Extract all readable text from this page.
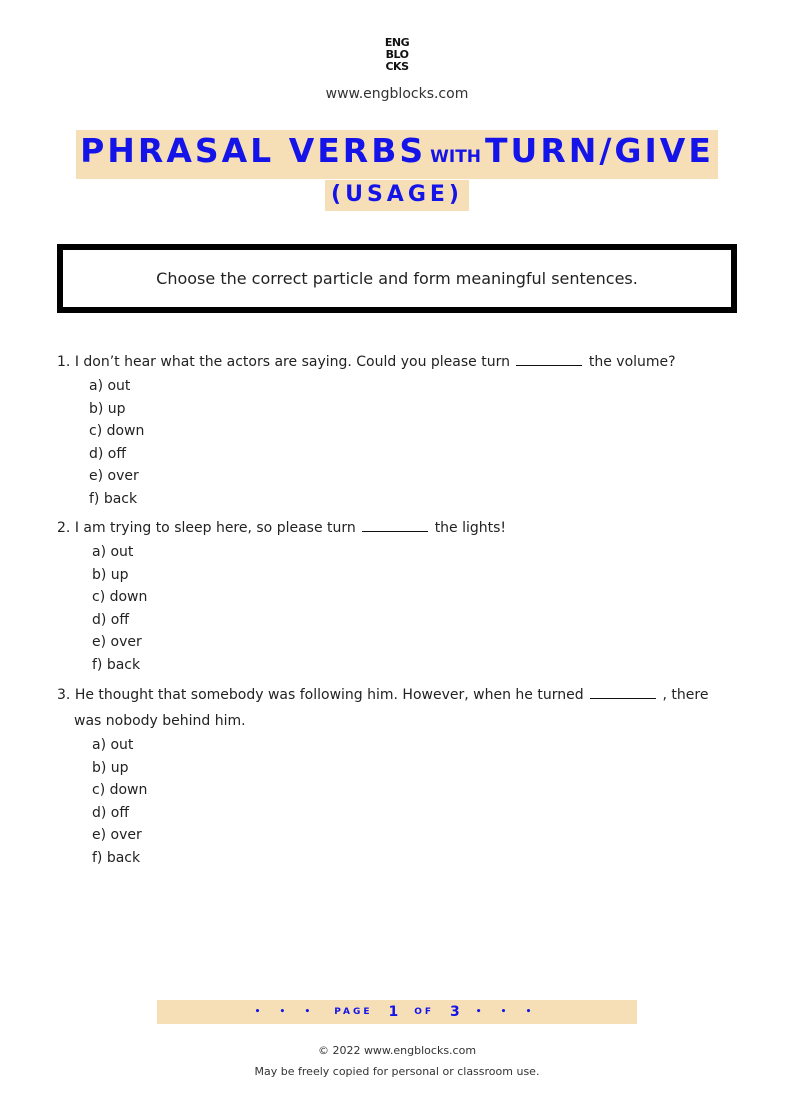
ENG
BLO
CKS
www.engblocks.com
PHRASAL VERBS WITH TURN/GIVE
(USAGE)
Choose the correct particle and form meaningful sentences.
1. I don’t hear what the actors are saying. Could you please turn	the volume?
a) out
b) up
c) down
d) off
e) over
f) back
2. I am trying to sleep here, so please turn	the lights!
a) out
b) up
c) down
d) off
e) over
f) back
3. He thought that somebody was following him. However, when he turned	, there
was nobody behind him.
a) out
b) up
c) down
d) off
e) over
f) back
• • • PAGE 1 OF 3 • • •
© 2022 www.engblocks.com
May be freely copied for personal or classroom use.
